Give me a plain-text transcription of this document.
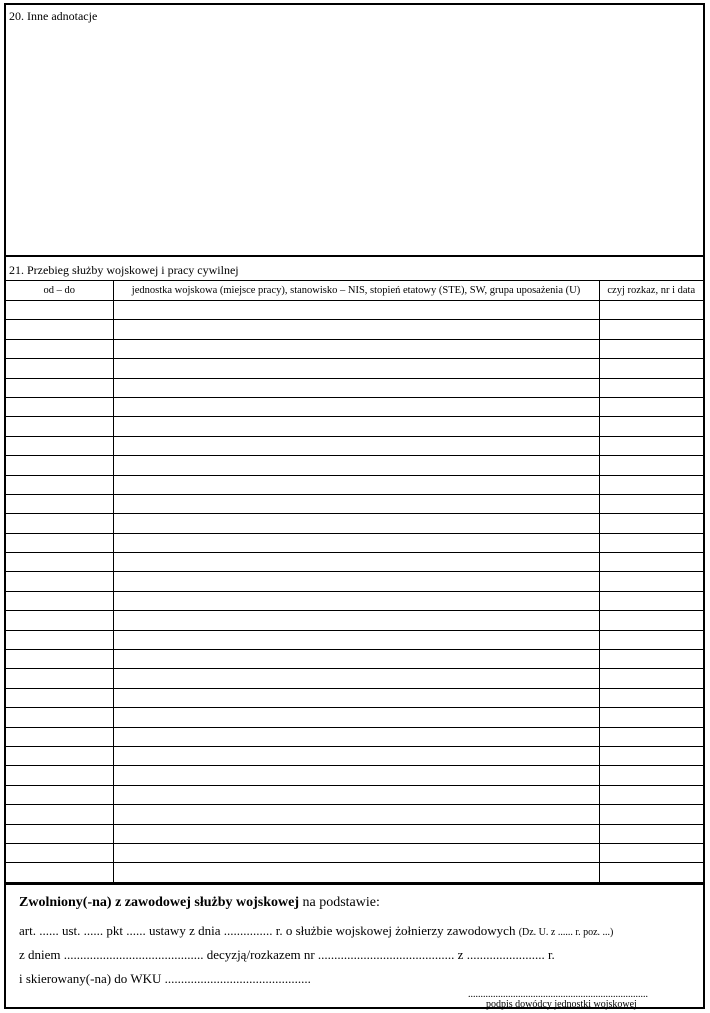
20. Inne adnotacje
21. Przebieg służby wojskowej i pracy cywilnej
od – do	jednostka wojskowa (miejsce pracy), stanowisko – NIS, stopień etatowy (STE), SW, grupa uposażenia (U)	czyj rozkaz, nr i data

Zwolniony(-na) z zawodowej służby wojskowej na podstawie:
art. ...... ust. ...... pkt ...... ustawy z dnia ............... r. o służbie wojskowej żołnierzy zawodowych (Dz. U. z ...... r. poz. ...)
z dniem ........................................... decyzją/rozkazem nr .......................................... z ........................ r.
i skierowany(-na) do WKU .............................................
........................................................................
podpis dowódcy jednostki wojskowej
